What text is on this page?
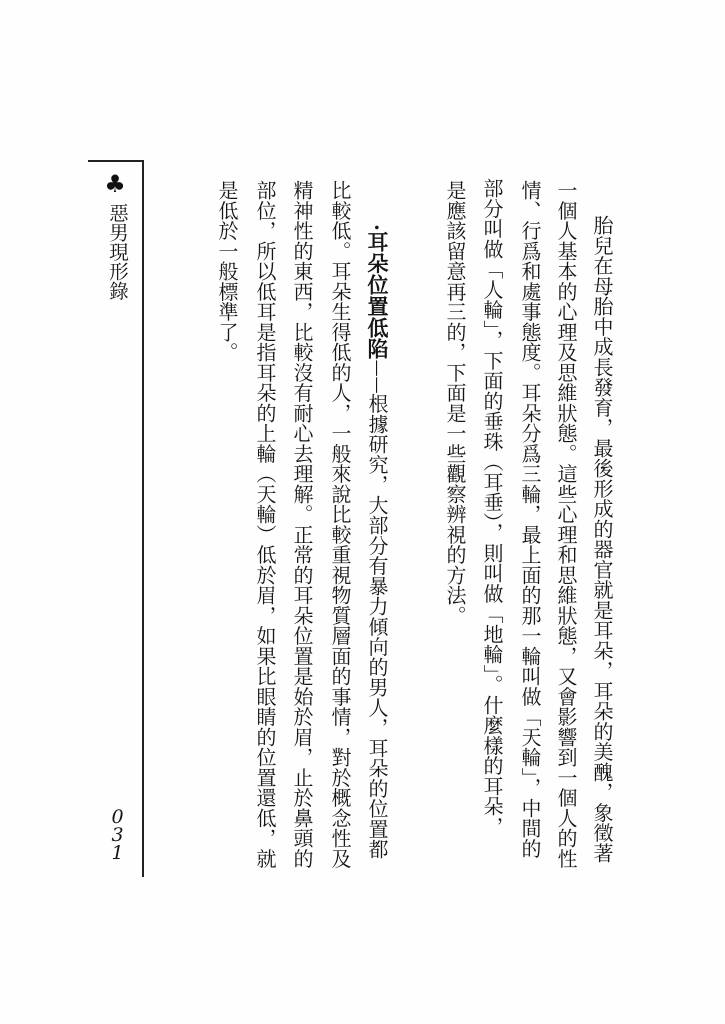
♣
惡男現形錄
031	胎兒在母胎中成長發育，最後形成的器官就是耳朵，耳朵的美醜，象徵著
一個人基本的心理及思維狀態。這些心理和思維狀態，又會影響到一個人的性
情、行爲和處事態度。耳朵分爲三輪，最上面的那一輪叫做「天輪」，中間的
部分叫做「人輪」，下面的垂珠（耳垂），則叫做「地輪」。什麼樣的耳朵，
是應該留意再三的，下面是一些觀察辨視的方法。
·耳朵位置低陷——根據研究，大部分有暴力傾向的男人，耳朵的位置都
比較低。耳朵生得低的人，一般來說比較重視物質層面的事情，對於概念性及
精神性的東西，比較沒有耐心去理解。正常的耳朵位置是始於眉，止於鼻頭的
部位，所以低耳是指耳朵的上輪（天輪）低於眉，如果比眼睛的位置還低，就
是低於一般標準了。
